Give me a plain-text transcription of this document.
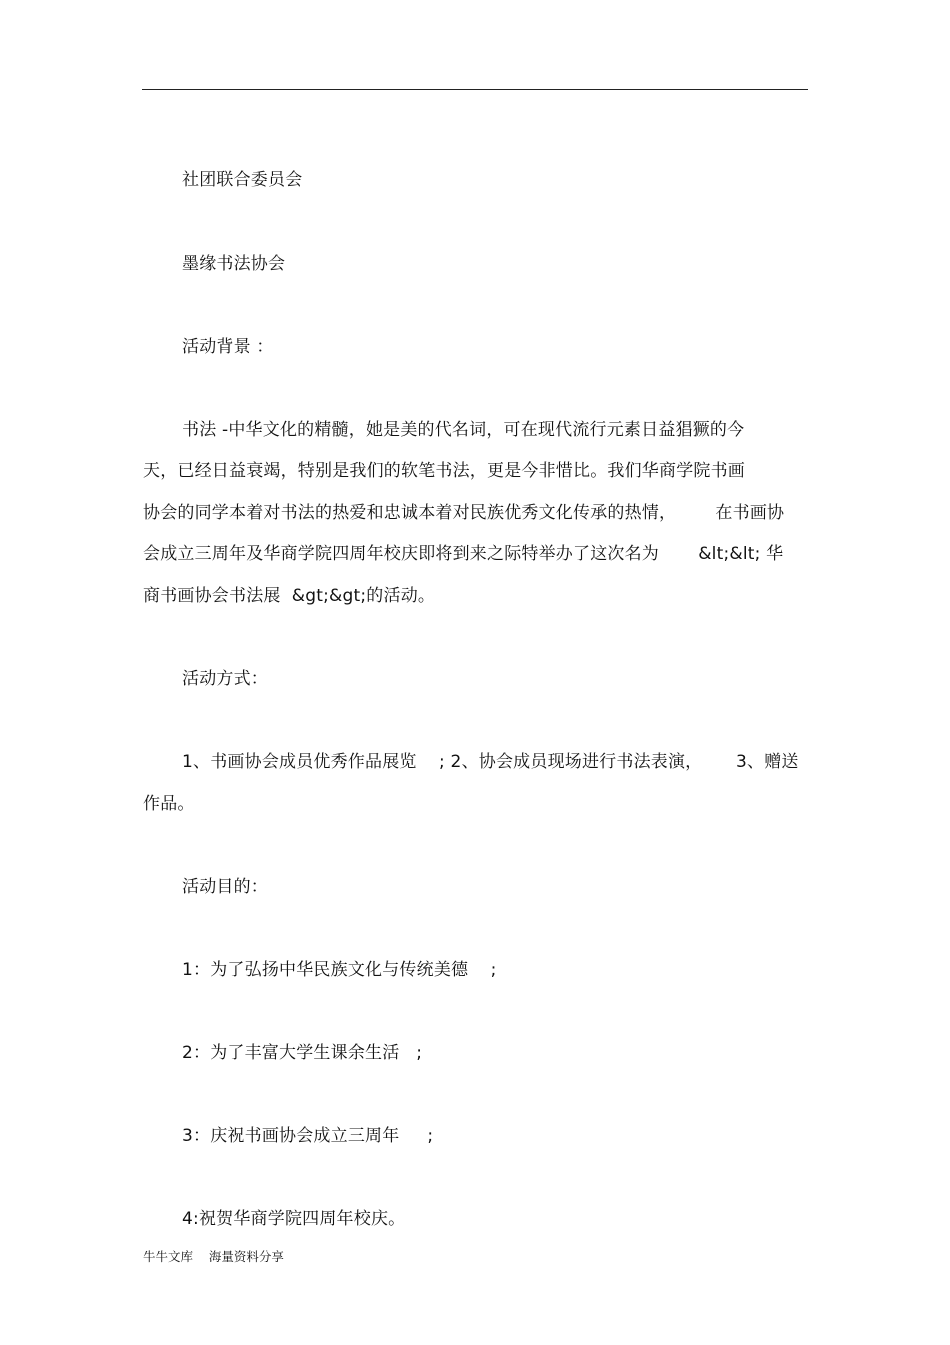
社团联合委员会
墨缘书法协会
活动背景 ：
书法 -中华文化的精髓，她是美的代名词，可在现代流行元素日益猖獗的今
天，已经日益衰竭，特别是我们的软笔书法，更是今非惜比。我们华商学院书画
协会的同学本着对书法的热爱和忠诚本着对民族优秀文化传承的热情，       在书画协
会成立三周年及华商学院四周年校庆即将到来之际特举办了这次名为       &lt;&lt; 华
商书画协会书法展  &gt;&gt;的活动。
活动方式：
1、书画协会成员优秀作品展览    ; 2、协会成员现场进行书法表演，      3、赠送
作品。
活动目的：
1：为了弘扬中华民族文化与传统美德    ;
2：为了丰富大学生课余生活   ;
3：庆祝书画协会成立三周年     ;
4:祝贺华商学院四周年校庆。
牛牛文库    海量资料分享
